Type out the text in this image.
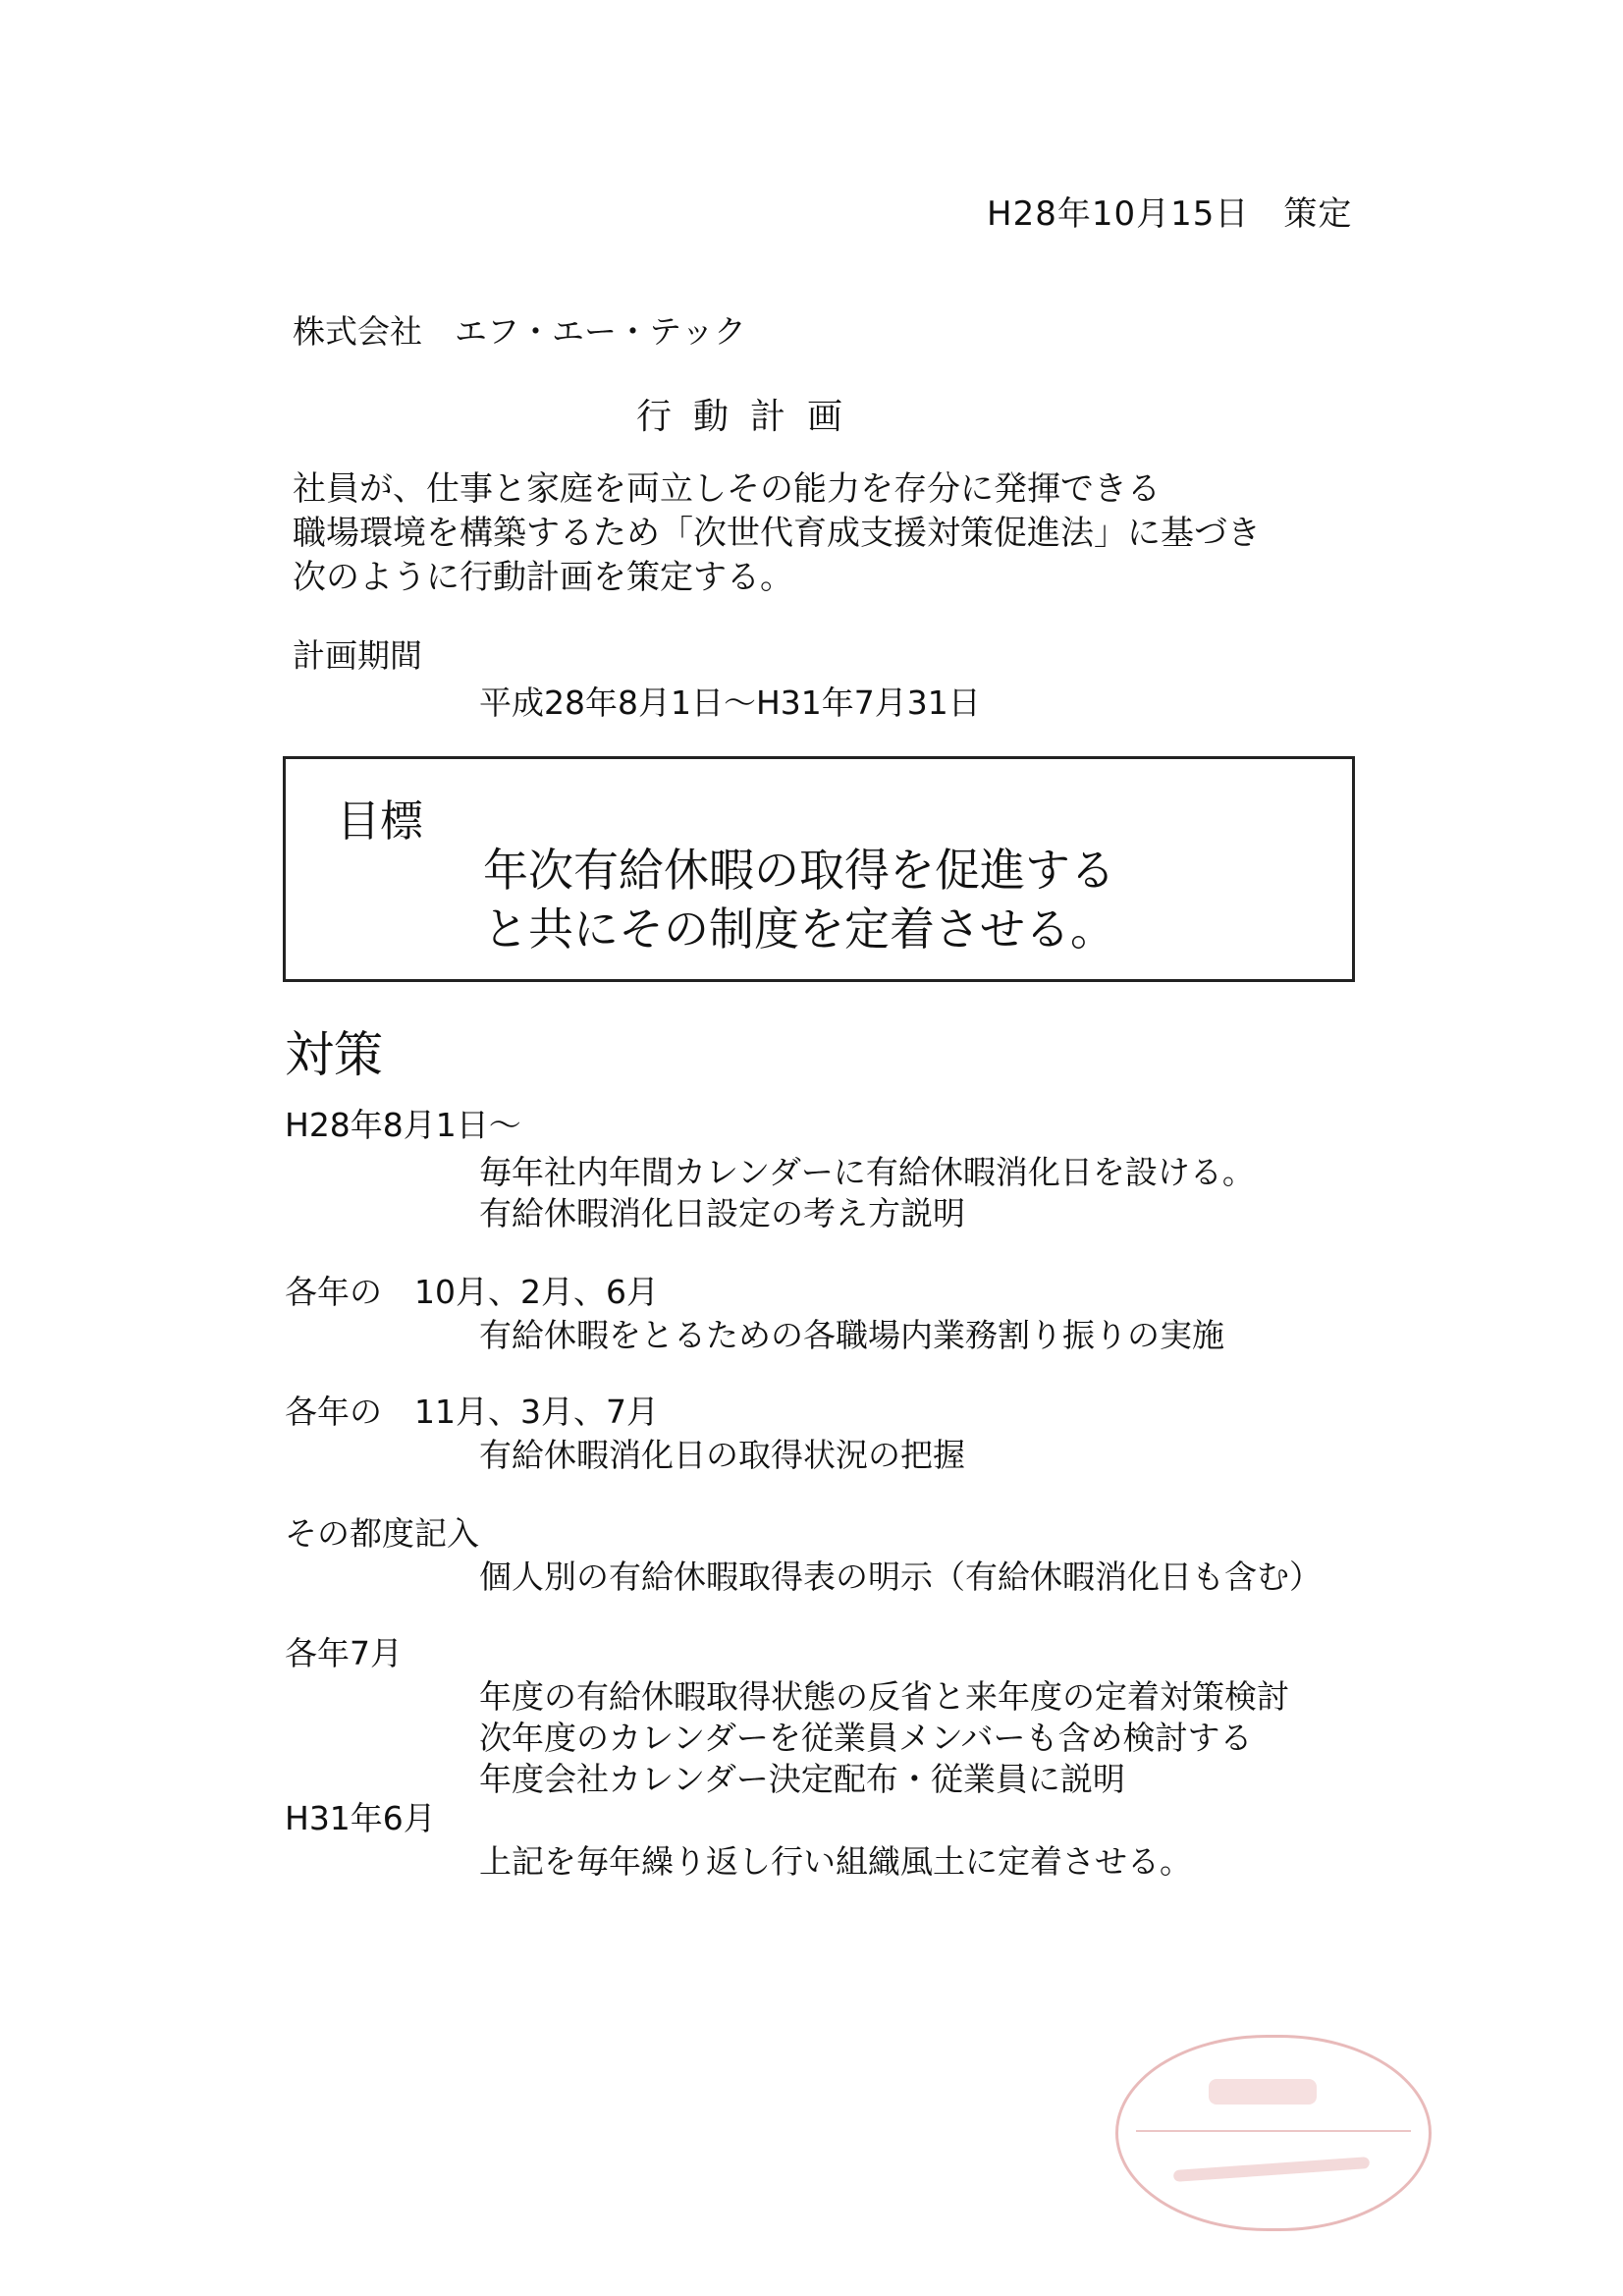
H28年10月15日　策定
株式会社　エフ・エー・テック
行動計画
社員が、仕事と家庭を両立しその能力を存分に発揮できる
職場環境を構築するため「次世代育成支援対策促進法」に基づき
次のように行動計画を策定する。
計画期間
平成28年8月1日～H31年7月31日
目標
年次有給休暇の取得を促進する
と共にその制度を定着させる。
対策
H28年8月1日～
毎年社内年間カレンダーに有給休暇消化日を設ける。
有給休暇消化日設定の考え方説明
各年の　10月、2月、6月
有給休暇をとるための各職場内業務割り振りの実施
各年の　11月、3月、7月
有給休暇消化日の取得状況の把握
その都度記入
個人別の有給休暇取得表の明示（有給休暇消化日も含む）
各年7月
年度の有給休暇取得状態の反省と来年度の定着対策検討
次年度のカレンダーを従業員メンバーも含め検討する
年度会社カレンダー決定配布・従業員に説明
H31年6月
上記を毎年繰り返し行い組織風土に定着させる。
